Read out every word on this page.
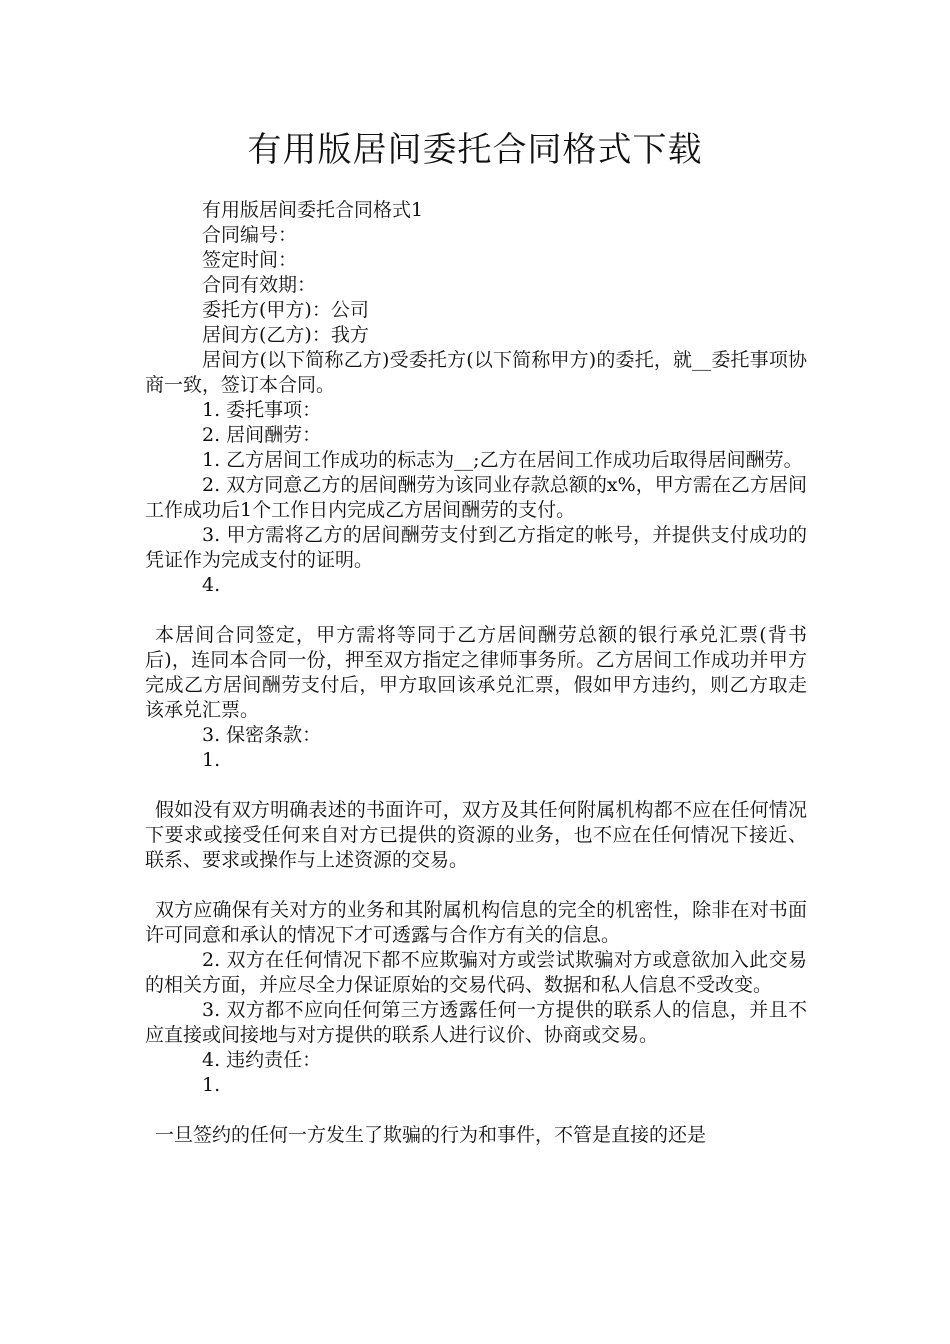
有用版居间委托合同格式下载

有用版居间委托合同格式1

合同编号：

签定时间：

合同有效期：

委托方(甲方)：公司

居间方(乙方)：我方

居间方(以下简称乙方)受委托方(以下简称甲方)的委托，就__委托事项协商一致，签订本合同。

1. 委托事项：

2. 居间酬劳：

1. 乙方居间工作成功的标志为__;乙方在居间工作成功后取得居间酬劳。

2. 双方同意乙方的居间酬劳为该同业存款总额的x%，甲方需在乙方居间工作成功后1个工作日内完成乙方居间酬劳的支付。

3. 甲方需将乙方的居间酬劳支付到乙方指定的帐号，并提供支付成功的凭证作为完成支付的证明。

4.

本居间合同签定，甲方需将等同于乙方居间酬劳总额的银行承兑汇票(背书后)，连同本合同一份，押至双方指定之律师事务所。乙方居间工作成功并甲方完成乙方居间酬劳支付后，甲方取回该承兑汇票，假如甲方违约，则乙方取走该承兑汇票。

3. 保密条款：

1.

假如没有双方明确表述的书面许可，双方及其任何附属机构都不应在任何情况下要求或接受任何来自对方已提供的资源的业务，也不应在任何情况下接近、联系、要求或操作与上述资源的交易。

双方应确保有关对方的业务和其附属机构信息的完全的机密性，除非在对书面许可同意和承认的情况下才可透露与合作方有关的信息。

2. 双方在任何情况下都不应欺骗对方或尝试欺骗对方或意欲加入此交易的相关方面，并应尽全力保证原始的交易代码、数据和私人信息不受改变。

3. 双方都不应向任何第三方透露任何一方提供的联系人的信息，并且不应直接或间接地与对方提供的联系人进行议价、协商或交易。

4. 违约责任：

1.

一旦签约的任何一方发生了欺骗的行为和事件，不管是直接的还是
